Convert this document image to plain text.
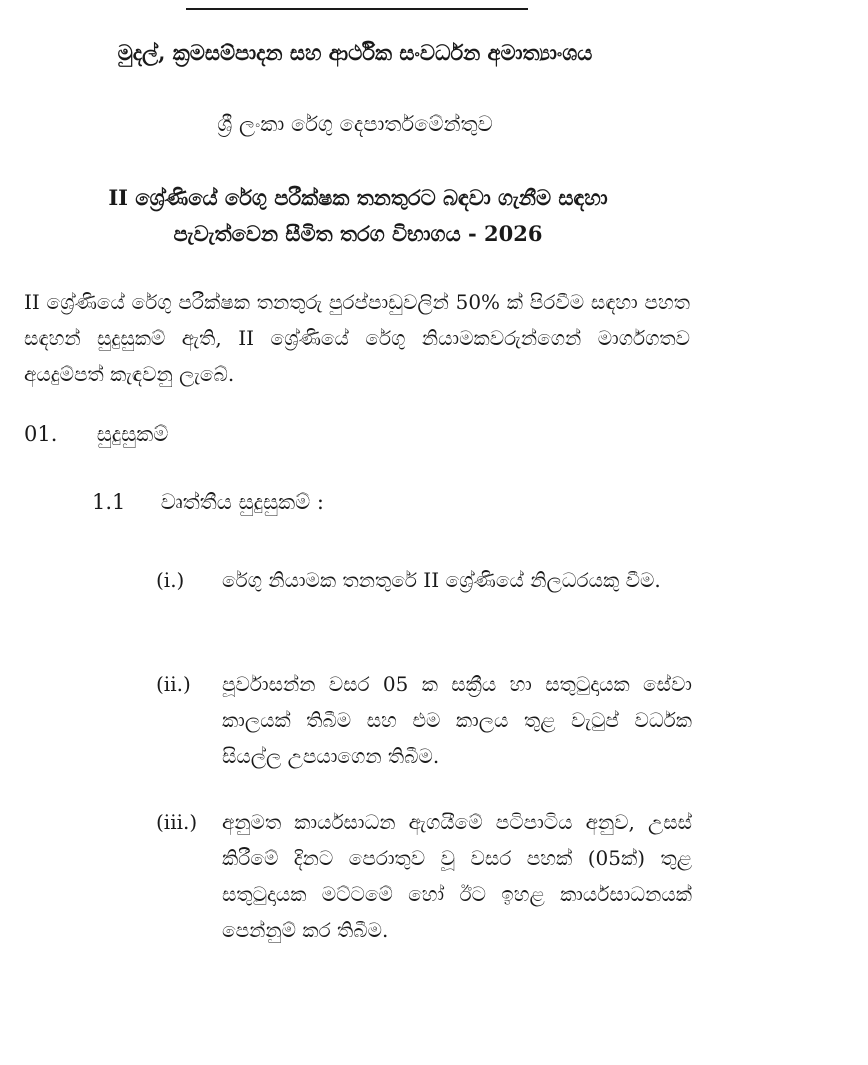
මුදල්, ක්‍රමසම්පාදන සහ ආර්ථික සංවර්ධන අමාත්‍යාංශය
ශ්‍රී ලංකා රේගු දෙපාර්තමේන්තුව
II ශ්‍රේණියේ රේගු පරීක්ෂක තනතුරට බඳවා ගැනීම සඳහා
පැවැත්වෙන සීමිත තරග විභාගය - 2026
II ශ්‍රේණියේ රේගු පරීක්ෂක තනතුරු පුරප්පාඩුවලින් 50% ක් පිරවීම සඳහා පහත සඳහන් සුදුසුකම් ඇති, II ශ්‍රේණියේ රේගු නියාමකවරුන්ගෙන් මාර්ගගතව අයදුම්පත් කැඳවනු ලැබේ.
01. සුදුසුකම්
1.1 වෘත්තීය සුදුසුකම් :
(i.)	රේගු නියාමක තනතුරේ II ශ්‍රේණියේ නිලධරයකු වීම.
(ii.)	පූර්වාසන්න වසර 05 ක සක්‍රීය හා සතුටුදායක සේවා කාලයක් තිබීම සහ එම කාලය තුළ වැටුප් වර්ධක සියල්ල උපයාගෙන තිබීම.
(iii.)	අනුමත කාර්යසාධන ඇගයීමේ පටිපාටිය අනුව, උසස් කිරීමේ දිනට පෙරාතුව වූ වසර පහක් (05ක්) තුළ සතුටුදායක මට්ටමේ හෝ ඊට ඉහළ කාර්යසාධනයක් පෙන්නුම් කර තිබීම.
